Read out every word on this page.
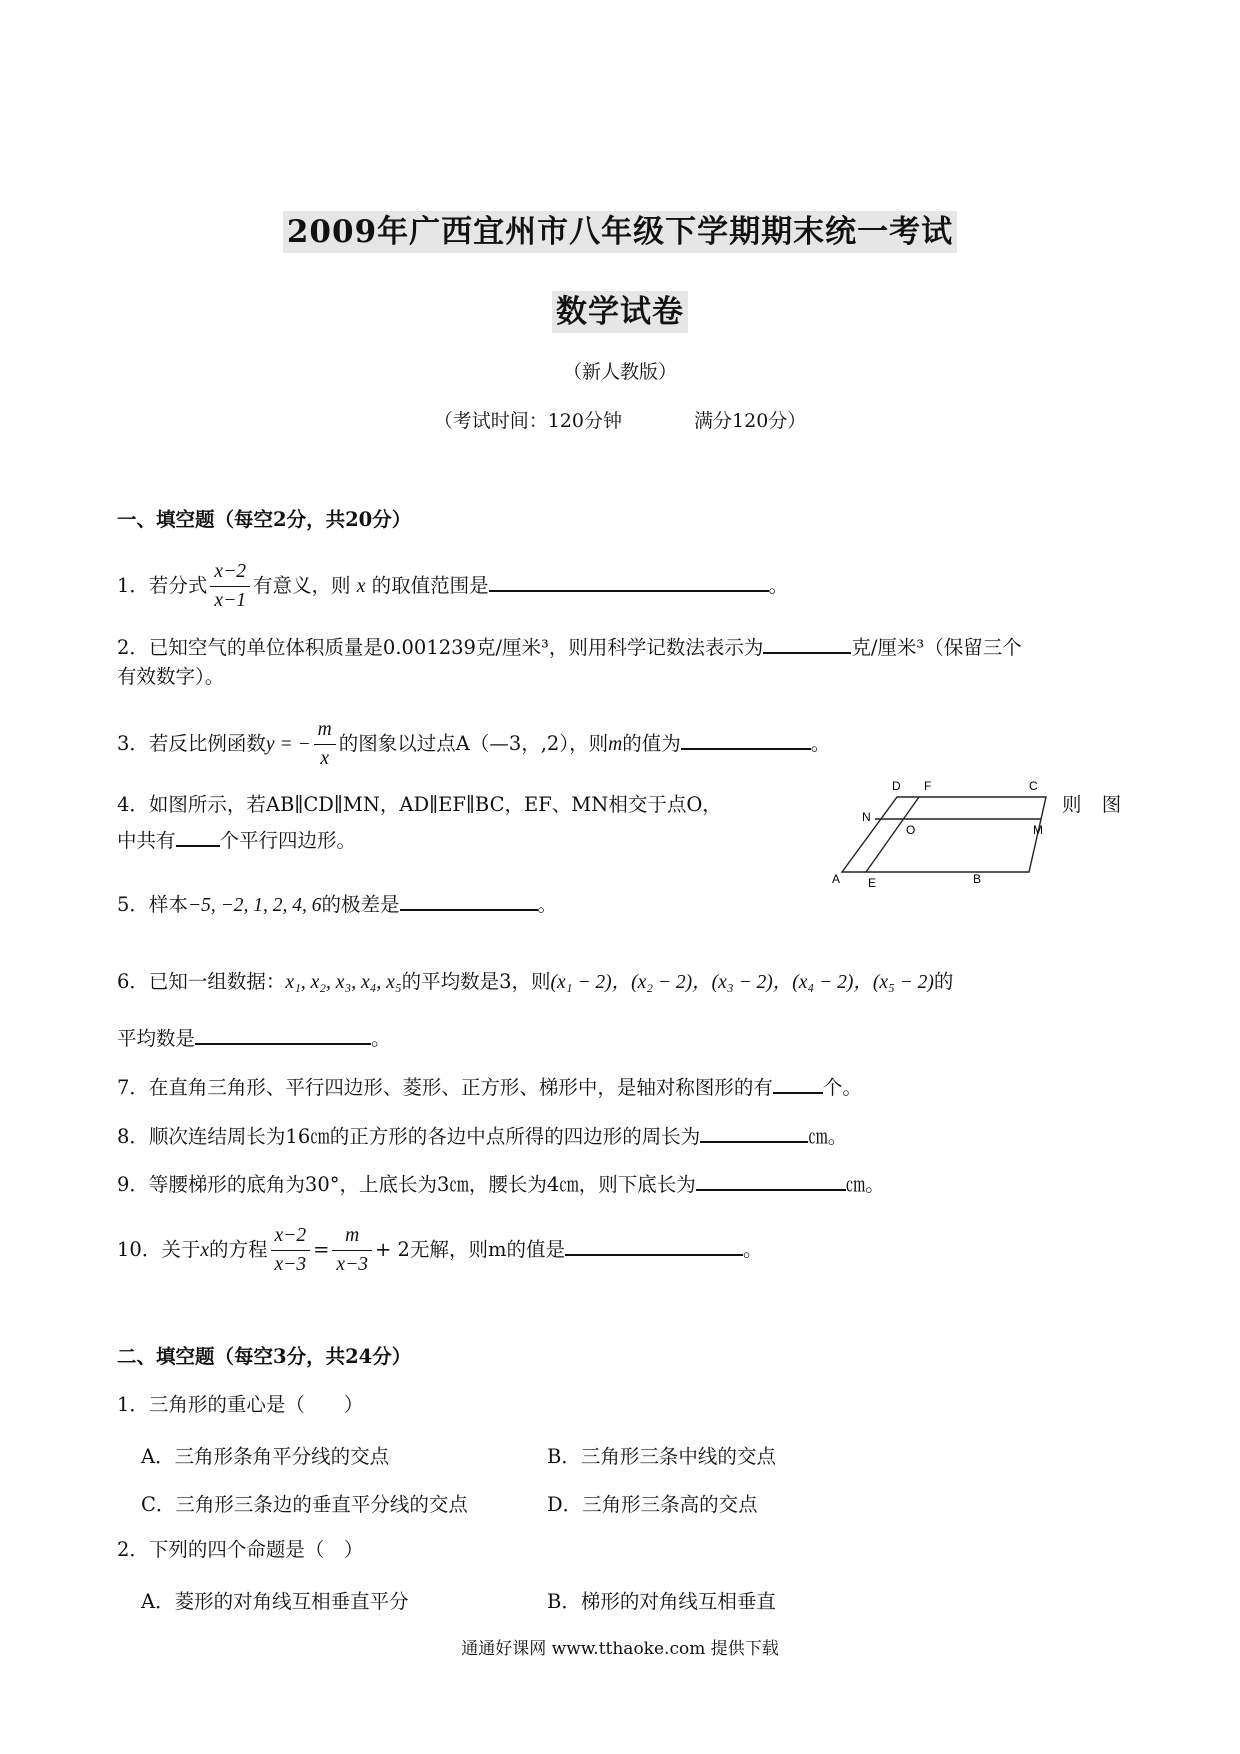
2009年广西宜州市八年级下学期期末统一考试
数学试卷
（新人教版）
（考试时间：120分钟	满分120分）
一、填空题（每空2分，共20分）
1．若分式 $\frac{x-2}{x-1}$ 有意义，则 x 的取值范围是	。
2．已知空气的单位体积质量是0.001239克/厘米³，则用科学记数法表示为	克/厘米³（保留三个
有效数字）。
3．若反比例函数y = − $\frac{m}{x}$ 的图象以过点A（—3，,2），则m的值为	。
4．如图所示，若AB∥CD∥MN，AD∥EF∥BC，EF、MN相交于点O，	则 图
中共有 个平行四边形。
D F	C
N
O	M
A E	B
5．样本−5, −2, 1, 2, 4, 6的极差是	。
6．已知一组数据：x₁, x₂, x₃, x₄, x₅的平均数是3，则(x₁ − 2)，(x₂ − 2)，(x₃ − 2)，(x₄ − 2)，(x₅ − 2)的
平均数是	。
7．在直角三角形、平行四边形、菱形、正方形、梯形中，是轴对称图形的有	个。
8．顺次连结周长为16㎝的正方形的各边中点所得的四边形的周长为	㎝。
9．等腰梯形的底角为30°，上底长为3㎝，腰长为4㎝，则下底长为	㎝。
10．关于x的方程 $\frac{x-2}{x-3} = \frac{m}{x-3} + 2$无解，则m的值是	。
二、填空题（每空3分，共24分）
1．三角形的重心是（　　）
A．三角形条角平分线的交点	B．三角形三条中线的交点
C．三角形三条边的垂直平分线的交点	D．三角形三条高的交点
2．下列的四个命题是（　）
A．菱形的对角线互相垂直平分	B．梯形的对角线互相垂直
通通好课网 www.tthaoke.com 提供下载
